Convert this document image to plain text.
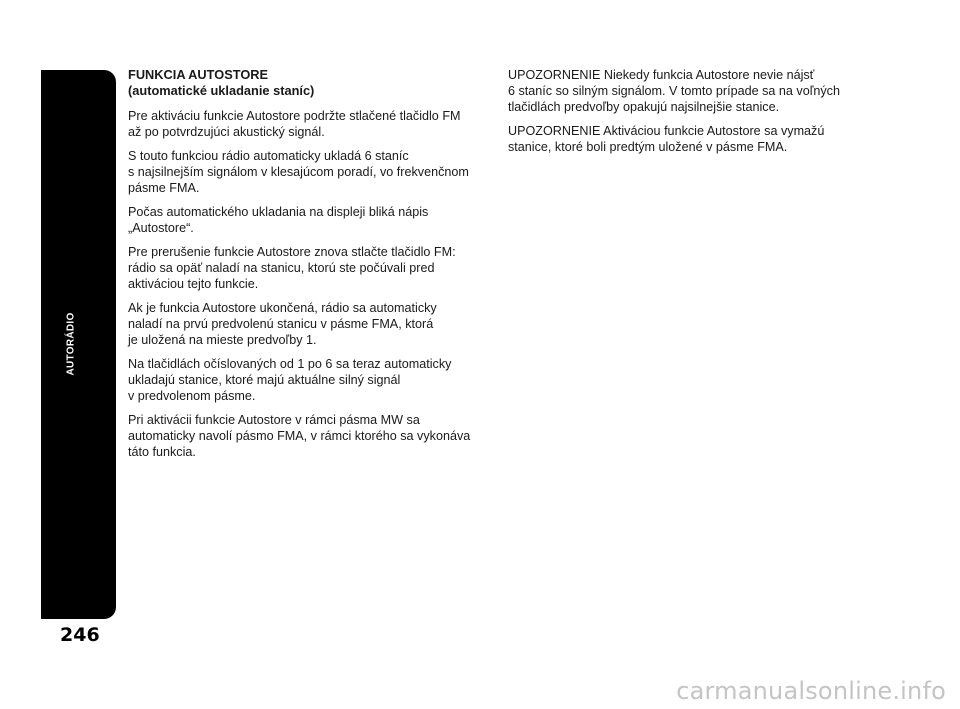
AUTORÁDIO
246
FUNKCIA AUTOSTORE
(automatické ukladanie staníc)

Pre aktiváciu funkcie Autostore podržte stlačené tlačidlo FM
až po potvrdzujúci akustický signál.

S touto funkciou rádio automaticky ukladá 6 staníc
s najsilnejším signálom v klesajúcom poradí, vo frekvenčnom
pásme FMA.

Počas automatického ukladania na displeji bliká nápis
„Autostore“.

Pre prerušenie funkcie Autostore znova stlačte tlačidlo FM:
rádio sa opäť naladí na stanicu, ktorú ste počúvali pred
aktiváciou tejto funkcie.

Ak je funkcia Autostore ukončená, rádio sa automaticky
naladí na prvú predvolenú stanicu v pásme FMA, ktorá
je uložená na mieste predvoľby 1.

Na tlačidlách očíslovaných od 1 po 6 sa teraz automaticky
ukladajú stanice, ktoré majú aktuálne silný signál
v predvolenom pásme.

Pri aktivácii funkcie Autostore v rámci pásma MW sa
automaticky navolí pásmo FMA, v rámci ktorého sa vykonáva
táto funkcia.

UPOZORNENIE Niekedy funkcia Autostore nevie nájsť
6 staníc so silným signálom. V tomto prípade sa na voľných
tlačidlách predvoľby opakujú najsilnejšie stanice.

UPOZORNENIE Aktiváciou funkcie Autostore sa vymažú
stanice, ktoré boli predtým uložené v pásme FMA.

carmanualsonline.info
